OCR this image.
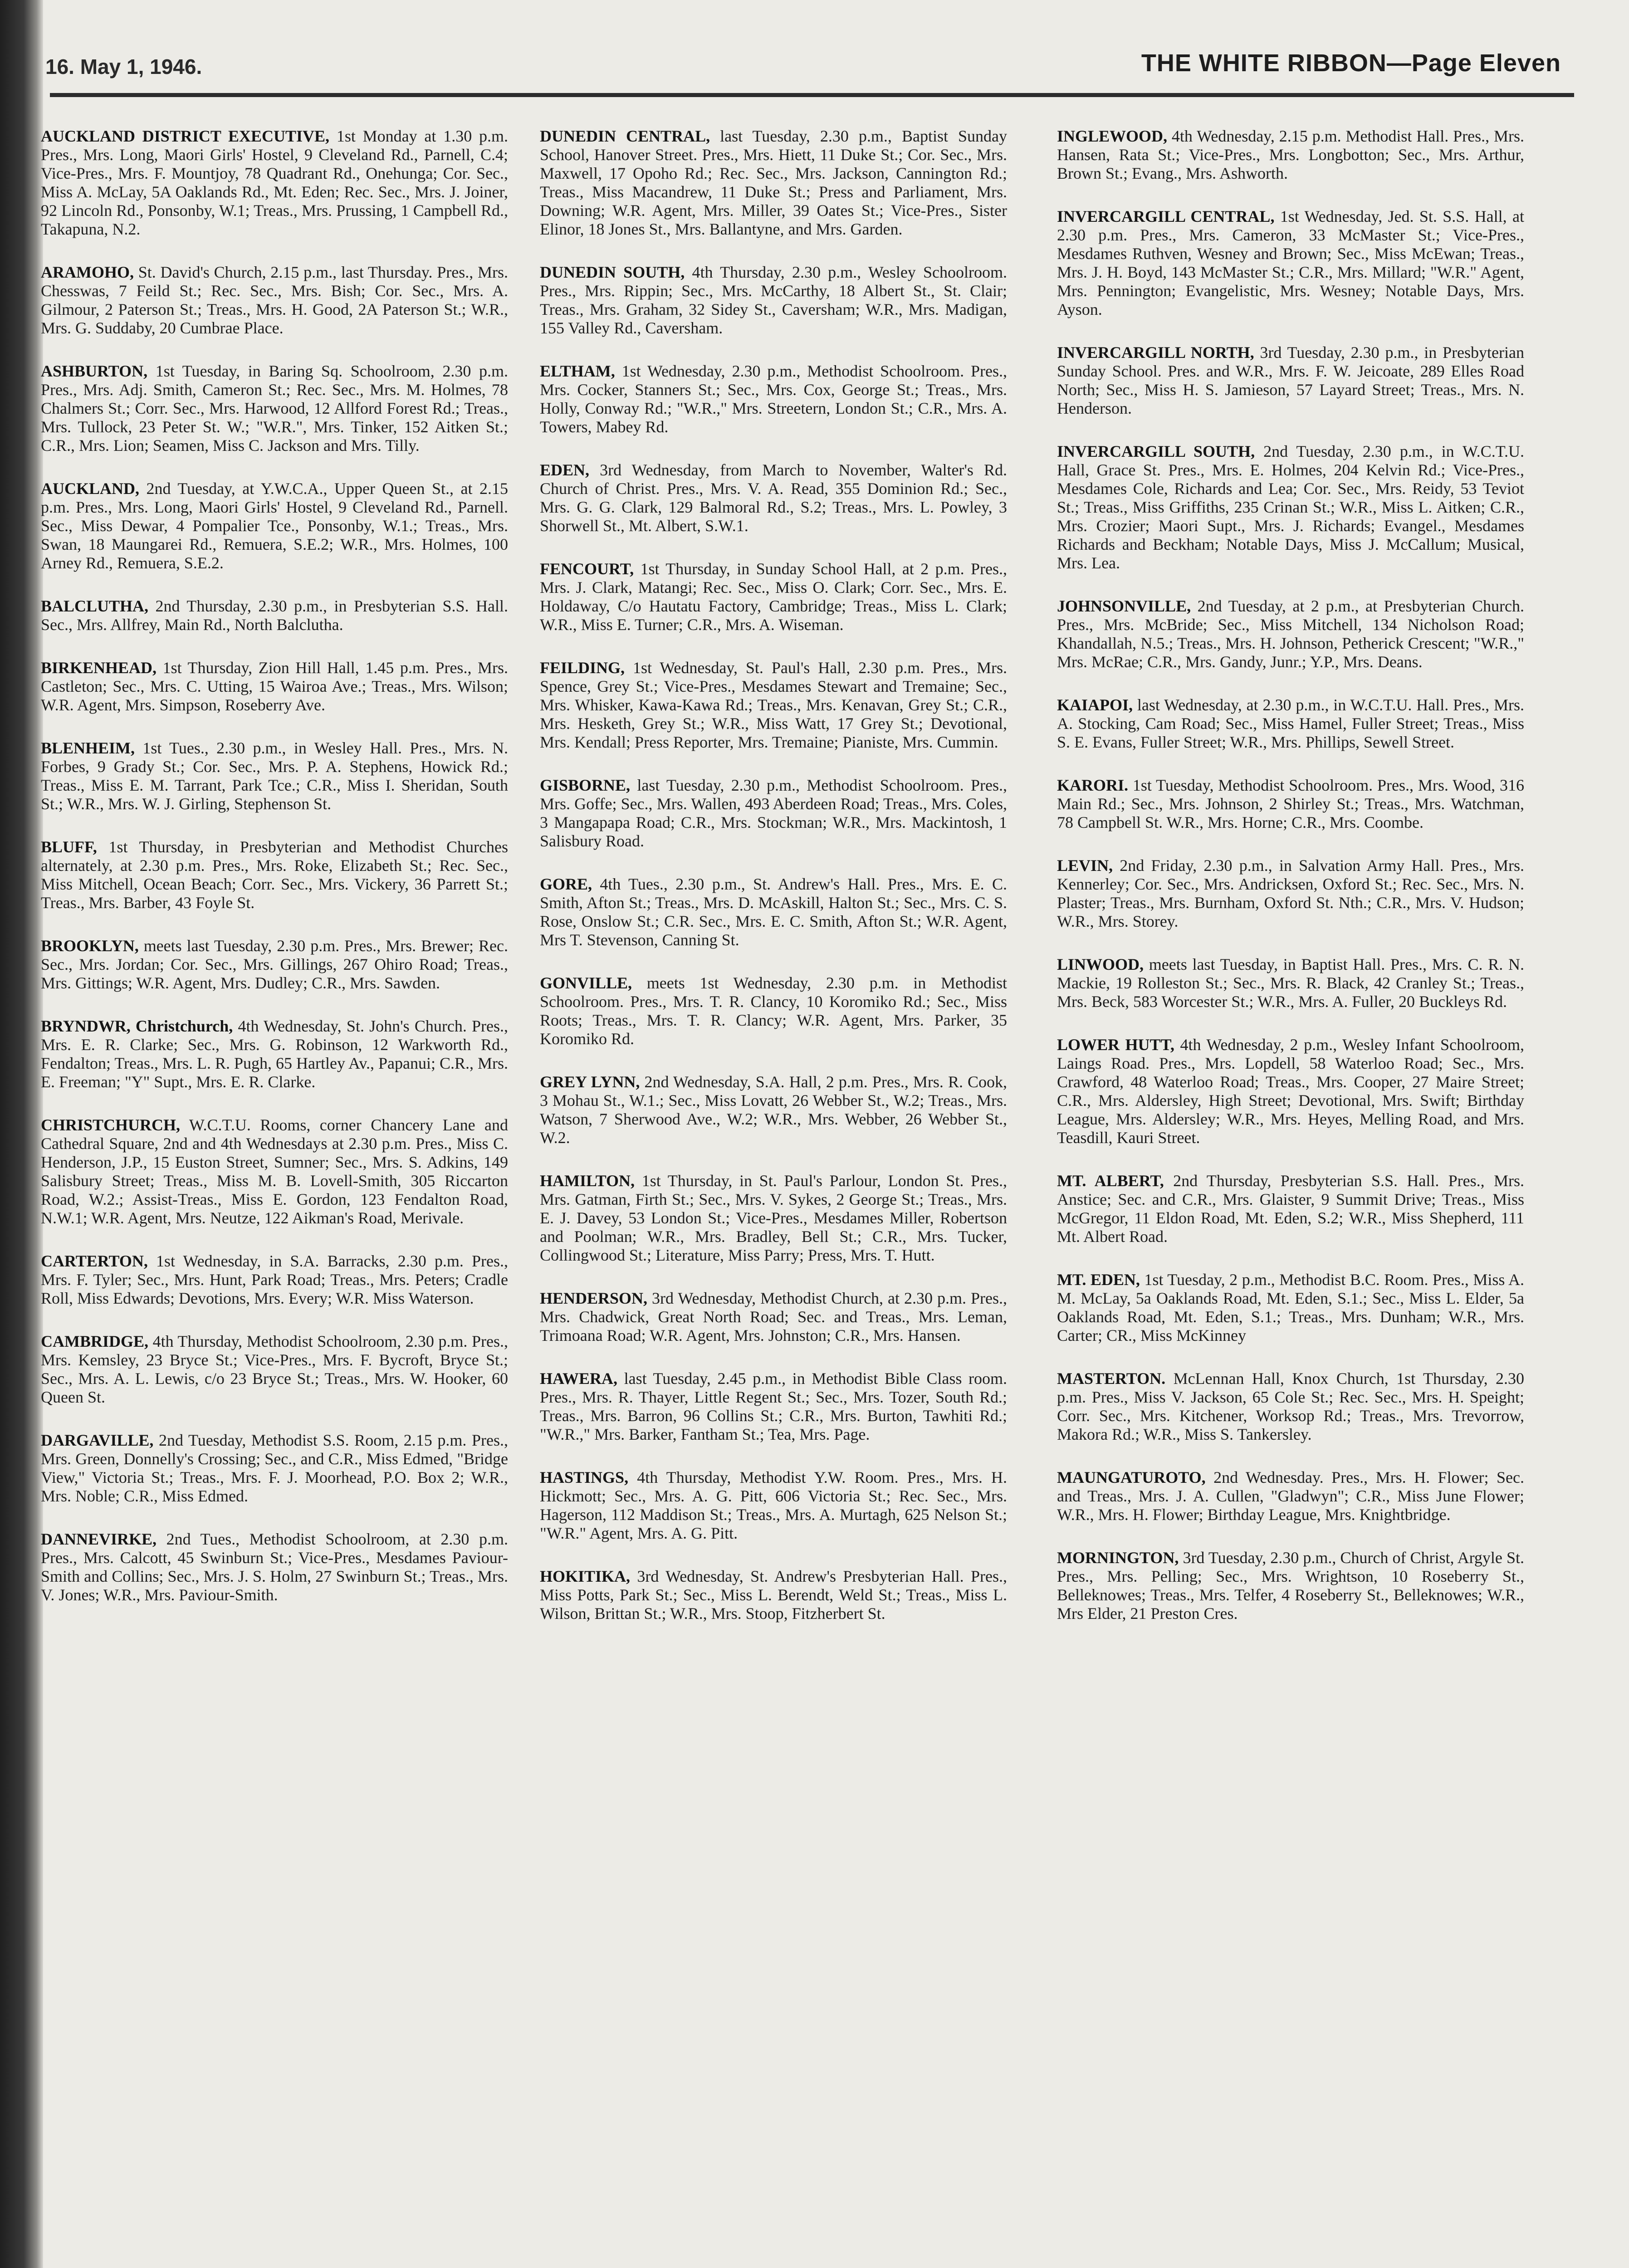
16. May 1, 1946.	THE WHITE RIBBON—Page Eleven

AUCKLAND DISTRICT EXECUTIVE, 1st Monday at 1.30 p.m. Pres., Mrs. Long, Maori Girls' Hostel, 9 Cleveland Rd., Parnell, C.4; Vice-Pres., Mrs. F. Mountjoy, 78 Quadrant Rd., Onehunga; Cor. Sec., Miss A. McLay, 5A Oaklands Rd., Mt. Eden; Rec. Sec., Mrs. J. Joiner, 92 Lincoln Rd., Ponsonby, W.1; Treas., Mrs. Prussing, 1 Campbell Rd., Takapuna, N.2.

ARAMOHO, St. David's Church, 2.15 p.m., last Thursday. Pres., Mrs. Chesswas, 7 Feild St.; Rec. Sec., Mrs. Bish; Cor. Sec., Mrs. A. Gilmour, 2 Paterson St.; Treas., Mrs. H. Good, 2A Paterson St.; W.R., Mrs. G. Suddaby, 20 Cumbrae Place.

ASHBURTON, 1st Tuesday, in Baring Sq. Schoolroom, 2.30 p.m. Pres., Mrs. Adj. Smith, Cameron St.; Rec. Sec., Mrs. M. Holmes, 78 Chalmers St.; Corr. Sec., Mrs. Harwood, 12 Allford Forest Rd.; Treas., Mrs. Tullock, 23 Peter St. W.; "W.R.", Mrs. Tinker, 152 Aitken St.; C.R., Mrs. Lion; Seamen, Miss C. Jackson and Mrs. Tilly.

AUCKLAND, 2nd Tuesday, at Y.W.C.A., Upper Queen St., at 2.15 p.m. Pres., Mrs. Long, Maori Girls' Hostel, 9 Cleveland Rd., Parnell. Sec., Miss Dewar, 4 Pompalier Tce., Ponsonby, W.1.; Treas., Mrs. Swan, 18 Maungarei Rd., Remuera, S.E.2; W.R., Mrs. Holmes, 100 Arney Rd., Remuera, S.E.2.

BALCLUTHA, 2nd Thursday, 2.30 p.m., in Presbyterian S.S. Hall. Sec., Mrs. Allfrey, Main Rd., North Balclutha.

BIRKENHEAD, 1st Thursday, Zion Hill Hall, 1.45 p.m. Pres., Mrs. Castleton; Sec., Mrs. C. Utting, 15 Wairoa Ave.; Treas., Mrs. Wilson; W.R. Agent, Mrs. Simpson, Roseberry Ave.

BLENHEIM, 1st Tues., 2.30 p.m., in Wesley Hall. Pres., Mrs. N. Forbes, 9 Grady St.; Cor. Sec., Mrs. P. A. Stephens, Howick Rd.; Treas., Miss E. M. Tarrant, Park Tce.; C.R., Miss I. Sheridan, South St.; W.R., Mrs. W. J. Girling, Stephenson St.

BLUFF, 1st Thursday, in Presbyterian and Methodist Churches alternately, at 2.30 p.m. Pres., Mrs. Roke, Elizabeth St.; Rec. Sec., Miss Mitchell, Ocean Beach; Corr. Sec., Mrs. Vickery, 36 Parrett St.; Treas., Mrs. Barber, 43 Foyle St.

BROOKLYN, meets last Tuesday, 2.30 p.m. Pres., Mrs. Brewer; Rec. Sec., Mrs. Jordan; Cor. Sec., Mrs. Gillings, 267 Ohiro Road; Treas., Mrs. Gittings; W.R. Agent, Mrs. Dudley; C.R., Mrs. Sawden.

BRYNDWR, Christchurch, 4th Wednesday, St. John's Church. Pres., Mrs. E. R. Clarke; Sec., Mrs. G. Robinson, 12 Warkworth Rd., Fendalton; Treas., Mrs. L. R. Pugh, 65 Hartley Av., Papanui; C.R., Mrs. E. Freeman; "Y" Supt., Mrs. E. R. Clarke.

CHRISTCHURCH, W.C.T.U. Rooms, corner Chancery Lane and Cathedral Square, 2nd and 4th Wednesdays at 2.30 p.m. Pres., Miss C. Henderson, J.P., 15 Euston Street, Sumner; Sec., Mrs. S. Adkins, 149 Salisbury Street; Treas., Miss M. B. Lovell-Smith, 305 Riccarton Road, W.2.; Assist-Treas., Miss E. Gordon, 123 Fendalton Road, N.W.1; W.R. Agent, Mrs. Neutze, 122 Aikman's Road, Merivale.

CARTERTON, 1st Wednesday, in S.A. Barracks, 2.30 p.m. Pres., Mrs. F. Tyler; Sec., Mrs. Hunt, Park Road; Treas., Mrs. Peters; Cradle Roll, Miss Edwards; Devotions, Mrs. Every; W.R. Miss Waterson.

CAMBRIDGE, 4th Thursday, Methodist Schoolroom, 2.30 p.m. Pres., Mrs. Kemsley, 23 Bryce St.; Vice-Pres., Mrs. F. Bycroft, Bryce St.; Sec., Mrs. A. L. Lewis, c/o 23 Bryce St.; Treas., Mrs. W. Hooker, 60 Queen St.

DARGAVILLE, 2nd Tuesday, Methodist S.S. Room, 2.15 p.m. Pres., Mrs. Green, Donnelly's Crossing; Sec., and C.R., Miss Edmed, "Bridge View," Victoria St.; Treas., Mrs. F. J. Moorhead, P.O. Box 2; W.R., Mrs. Noble; C.R., Miss Edmed.

DANNEVIRKE, 2nd Tues., Methodist Schoolroom, at 2.30 p.m. Pres., Mrs. Calcott, 45 Swinburn St.; Vice-Pres., Mesdames Paviour-Smith and Collins; Sec., Mrs. J. S. Holm, 27 Swinburn St.; Treas., Mrs. V. Jones; W.R., Mrs. Paviour-Smith.

DUNEDIN CENTRAL, last Tuesday, 2.30 p.m., Baptist Sunday School, Hanover Street. Pres., Mrs. Hiett, 11 Duke St.; Cor. Sec., Mrs. Maxwell, 17 Opoho Rd.; Rec. Sec., Mrs. Jackson, Cannington Rd.; Treas., Miss Macandrew, 11 Duke St.; Press and Parliament, Mrs. Downing; W.R. Agent, Mrs. Miller, 39 Oates St.; Vice-Pres., Sister Elinor, 18 Jones St., Mrs. Ballantyne, and Mrs. Garden.

DUNEDIN SOUTH, 4th Thursday, 2.30 p.m., Wesley Schoolroom. Pres., Mrs. Rippin; Sec., Mrs. McCarthy, 18 Albert St., St. Clair; Treas., Mrs. Graham, 32 Sidey St., Caversham; W.R., Mrs. Madigan, 155 Valley Rd., Caversham.

ELTHAM, 1st Wednesday, 2.30 p.m., Methodist Schoolroom. Pres., Mrs. Cocker, Stanners St.; Sec., Mrs. Cox, George St.; Treas., Mrs. Holly, Conway Rd.; "W.R.," Mrs. Streetern, London St.; C.R., Mrs. A. Towers, Mabey Rd.

EDEN, 3rd Wednesday, from March to November, Walter's Rd. Church of Christ. Pres., Mrs. V. A. Read, 355 Dominion Rd.; Sec., Mrs. G. G. Clark, 129 Balmoral Rd., S.2; Treas., Mrs. L. Powley, 3 Shorwell St., Mt. Albert, S.W.1.

FENCOURT, 1st Thursday, in Sunday School Hall, at 2 p.m. Pres., Mrs. J. Clark, Matangi; Rec. Sec., Miss O. Clark; Corr. Sec., Mrs. E. Holdaway, C/o Hautatu Factory, Cambridge; Treas., Miss L. Clark; W.R., Miss E. Turner; C.R., Mrs. A. Wiseman.

FEILDING, 1st Wednesday, St. Paul's Hall, 2.30 p.m. Pres., Mrs. Spence, Grey St.; Vice-Pres., Mesdames Stewart and Tremaine; Sec., Mrs. Whisker, Kawa-Kawa Rd.; Treas., Mrs. Kenavan, Grey St.; C.R., Mrs. Hesketh, Grey St.; W.R., Miss Watt, 17 Grey St.; Devotional, Mrs. Kendall; Press Reporter, Mrs. Tremaine; Pianiste, Mrs. Cummin.

GISBORNE, last Tuesday, 2.30 p.m., Methodist Schoolroom. Pres., Mrs. Goffe; Sec., Mrs. Wallen, 493 Aberdeen Road; Treas., Mrs. Coles, 3 Mangapapa Road; C.R., Mrs. Stockman; W.R., Mrs. Mackintosh, 1 Salisbury Road.

GORE, 4th Tues., 2.30 p.m., St. Andrew's Hall. Pres., Mrs. E. C. Smith, Afton St.; Treas., Mrs. D. McAskill, Halton St.; Sec., Mrs. C. S. Rose, Onslow St.; C.R. Sec., Mrs. E. C. Smith, Afton St.; W.R. Agent, Mrs T. Stevenson, Canning St.

GONVILLE, meets 1st Wednesday, 2.30 p.m. in Methodist Schoolroom. Pres., Mrs. T. R. Clancy, 10 Koromiko Rd.; Sec., Miss Roots; Treas., Mrs. T. R. Clancy; W.R. Agent, Mrs. Parker, 35 Koromiko Rd.

GREY LYNN, 2nd Wednesday, S.A. Hall, 2 p.m. Pres., Mrs. R. Cook, 3 Mohau St., W.1.; Sec., Miss Lovatt, 26 Webber St., W.2; Treas., Mrs. Watson, 7 Sherwood Ave., W.2; W.R., Mrs. Webber, 26 Webber St., W.2.

HAMILTON, 1st Thursday, in St. Paul's Parlour, London St. Pres., Mrs. Gatman, Firth St.; Sec., Mrs. V. Sykes, 2 George St.; Treas., Mrs. E. J. Davey, 53 London St.; Vice-Pres., Mesdames Miller, Robertson and Poolman; W.R., Mrs. Bradley, Bell St.; C.R., Mrs. Tucker, Collingwood St.; Literature, Miss Parry; Press, Mrs. T. Hutt.

HENDERSON, 3rd Wednesday, Methodist Church, at 2.30 p.m. Pres., Mrs. Chadwick, Great North Road; Sec. and Treas., Mrs. Leman, Trimoana Road; W.R. Agent, Mrs. Johnston; C.R., Mrs. Hansen.

HAWERA, last Tuesday, 2.45 p.m., in Methodist Bible Class room. Pres., Mrs. R. Thayer, Little Regent St.; Sec., Mrs. Tozer, South Rd.; Treas., Mrs. Barron, 96 Collins St.; C.R., Mrs. Burton, Tawhiti Rd.; "W.R.," Mrs. Barker, Fantham St.; Tea, Mrs. Page.

HASTINGS, 4th Thursday, Methodist Y.W. Room. Pres., Mrs. H. Hickmott; Sec., Mrs. A. G. Pitt, 606 Victoria St.; Rec. Sec., Mrs. Hagerson, 112 Maddison St.; Treas., Mrs. A. Murtagh, 625 Nelson St.; "W.R." Agent, Mrs. A. G. Pitt.

HOKITIKA, 3rd Wednesday, St. Andrew's Presbyterian Hall. Pres., Miss Potts, Park St.; Sec., Miss L. Berendt, Weld St.; Treas., Miss L. Wilson, Brittan St.; W.R., Mrs. Stoop, Fitzherbert St.

INGLEWOOD, 4th Wednesday, 2.15 p.m. Methodist Hall. Pres., Mrs. Hansen, Rata St.; Vice-Pres., Mrs. Longbotton; Sec., Mrs. Arthur, Brown St.; Evang., Mrs. Ashworth.

INVERCARGILL CENTRAL, 1st Wednesday, Jed. St. S.S. Hall, at 2.30 p.m. Pres., Mrs. Cameron, 33 McMaster St.; Vice-Pres., Mesdames Ruthven, Wesney and Brown; Sec., Miss McEwan; Treas., Mrs. J. H. Boyd, 143 McMaster St.; C.R., Mrs. Millard; "W.R." Agent, Mrs. Pennington; Evangelistic, Mrs. Wesney; Notable Days, Mrs. Ayson.

INVERCARGILL NORTH, 3rd Tuesday, 2.30 p.m., in Presbyterian Sunday School. Pres. and W.R., Mrs. F. W. Jeicoate, 289 Elles Road North; Sec., Miss H. S. Jamieson, 57 Layard Street; Treas., Mrs. N. Henderson.

INVERCARGILL SOUTH, 2nd Tuesday, 2.30 p.m., in W.C.T.U. Hall, Grace St. Pres., Mrs. E. Holmes, 204 Kelvin Rd.; Vice-Pres., Mesdames Cole, Richards and Lea; Cor. Sec., Mrs. Reidy, 53 Teviot St.; Treas., Miss Griffiths, 235 Crinan St.; W.R., Miss L. Aitken; C.R., Mrs. Crozier; Maori Supt., Mrs. J. Richards; Evangel., Mesdames Richards and Beckham; Notable Days, Miss J. McCallum; Musical, Mrs. Lea.

JOHNSONVILLE, 2nd Tuesday, at 2 p.m., at Presbyterian Church. Pres., Mrs. McBride; Sec., Miss Mitchell, 134 Nicholson Road; Khandallah, N.5.; Treas., Mrs. H. Johnson, Petherick Crescent; "W.R.," Mrs. McRae; C.R., Mrs. Gandy, Junr.; Y.P., Mrs. Deans.

KAIAPOI, last Wednesday, at 2.30 p.m., in W.C.T.U. Hall. Pres., Mrs. A. Stocking, Cam Road; Sec., Miss Hamel, Fuller Street; Treas., Miss S. E. Evans, Fuller Street; W.R., Mrs. Phillips, Sewell Street.

KARORI. 1st Tuesday, Methodist Schoolroom. Pres., Mrs. Wood, 316 Main Rd.; Sec., Mrs. Johnson, 2 Shirley St.; Treas., Mrs. Watchman, 78 Campbell St. W.R., Mrs. Horne; C.R., Mrs. Coombe.

LEVIN, 2nd Friday, 2.30 p.m., in Salvation Army Hall. Pres., Mrs. Kennerley; Cor. Sec., Mrs. Andricksen, Oxford St.; Rec. Sec., Mrs. N. Plaster; Treas., Mrs. Burnham, Oxford St. Nth.; C.R., Mrs. V. Hudson; W.R., Mrs. Storey.

LINWOOD, meets last Tuesday, in Baptist Hall. Pres., Mrs. C. R. N. Mackie, 19 Rolleston St.; Sec., Mrs. R. Black, 42 Cranley St.; Treas., Mrs. Beck, 583 Worcester St.; W.R., Mrs. A. Fuller, 20 Buckleys Rd.

LOWER HUTT, 4th Wednesday, 2 p.m., Wesley Infant Schoolroom, Laings Road. Pres., Mrs. Lopdell, 58 Waterloo Road; Sec., Mrs. Crawford, 48 Waterloo Road; Treas., Mrs. Cooper, 27 Maire Street; C.R., Mrs. Aldersley, High Street; Devotional, Mrs. Swift; Birthday League, Mrs. Aldersley; W.R., Mrs. Heyes, Melling Road, and Mrs. Teasdill, Kauri Street.

MT. ALBERT, 2nd Thursday, Presbyterian S.S. Hall. Pres., Mrs. Anstice; Sec. and C.R., Mrs. Glaister, 9 Summit Drive; Treas., Miss McGregor, 11 Eldon Road, Mt. Eden, S.2; W.R., Miss Shepherd, 111 Mt. Albert Road.

MT. EDEN, 1st Tuesday, 2 p.m., Methodist B.C. Room. Pres., Miss A. M. McLay, 5a Oaklands Road, Mt. Eden, S.1.; Sec., Miss L. Elder, 5a Oaklands Road, Mt. Eden, S.1.; Treas., Mrs. Dunham; W.R., Mrs. Carter; CR., Miss McKinney

MASTERTON. McLennan Hall, Knox Church, 1st Thursday, 2.30 p.m. Pres., Miss V. Jackson, 65 Cole St.; Rec. Sec., Mrs. H. Speight; Corr. Sec., Mrs. Kitchener, Worksop Rd.; Treas., Mrs. Trevorrow, Makora Rd.; W.R., Miss S. Tankersley.

MAUNGATUROTO, 2nd Wednesday. Pres., Mrs. H. Flower; Sec. and Treas., Mrs. J. A. Cullen, "Gladwyn"; C.R., Miss June Flower; W.R., Mrs. H. Flower; Birthday League, Mrs. Knightbridge.

MORNINGTON, 3rd Tuesday, 2.30 p.m., Church of Christ, Argyle St. Pres., Mrs. Pelling; Sec., Mrs. Wrightson, 10 Roseberry St., Belleknowes; Treas., Mrs. Telfer, 4 Roseberry St., Belleknowes; W.R., Mrs Elder, 21 Preston Cres.
